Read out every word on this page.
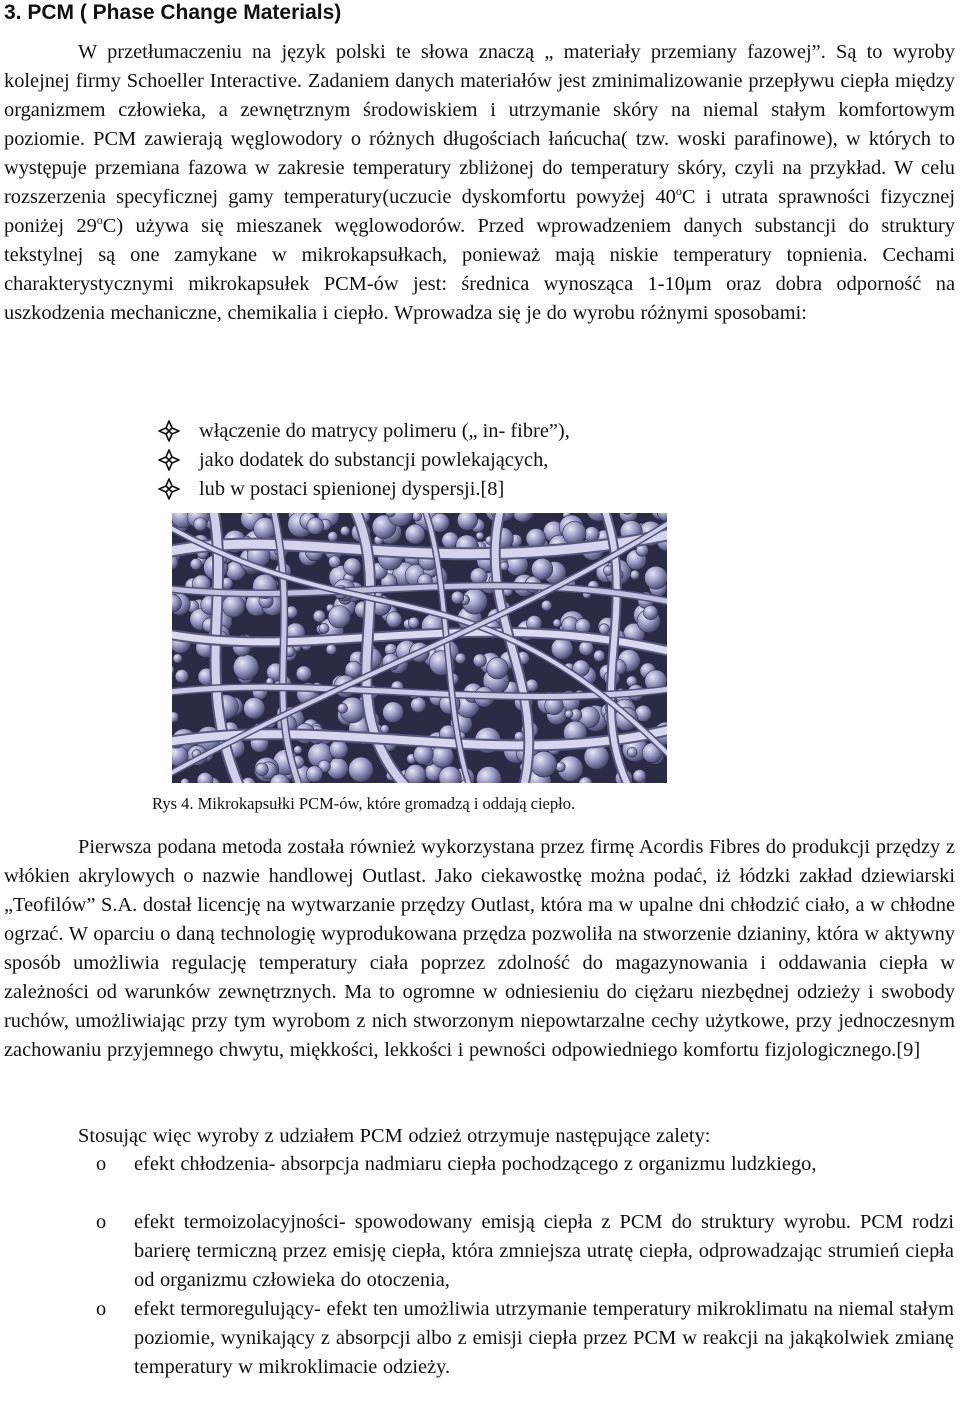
3. PCM ( Phase Change Materials)
W przetłumaczeniu na język polski te słowa znaczą „ materiały przemiany fazowej”. Są to wyroby kolejnej firmy Schoeller Interactive. Zadaniem danych materiałów jest zminimalizowanie przepływu ciepła między organizmem człowieka, a zewnętrznym środowiskiem i utrzymanie skóry na niemal stałym komfortowym poziomie. PCM zawierają węglowodory o różnych długościach łańcucha( tzw. woski parafinowe), w których to występuje przemiana fazowa w zakresie temperatury zbliżonej do temperatury skóry, czyli na przykład. W celu rozszerzenia specyficznej gamy temperatury(uczucie dyskomfortu powyżej 40$^o$C i utrata sprawności fizycznej poniżej 29$^o$C) używa się mieszanek węglowodorów. Przed wprowadzeniem danych substancji do struktury tekstylnej są one zamykane w mikrokapsułkach, ponieważ mają niskie temperatury topnienia. Cechami charakterystycznymi mikrokapsułek PCM-ów jest: średnica wynosząca 1-10μm oraz dobra odporność na uszkodzenia mechaniczne, chemikalia i ciepło. Wprowadza się je do wyrobu różnymi sposobami:
włączenie do matrycy polimeru („ in- fibre”),
jako dodatek do substancji powlekających,
lub w postaci spienionej dyspersji.[8]
Rys 4. Mikrokapsułki PCM-ów, które gromadzą i oddają ciepło.
Pierwsza podana metoda została również wykorzystana przez firmę Acordis Fibres do produkcji przędzy z włókien akrylowych o nazwie handlowej Outlast. Jako ciekawostkę można podać, iż łódzki zakład dziewiarski „Teofilów” S.A. dostał licencję na wytwarzanie przędzy Outlast, która ma w upalne dni chłodzić ciało, a w chłodne ogrzać. W oparciu o daną technologię wyprodukowana przędza pozwoliła na stworzenie dzianiny, która w aktywny sposób umożliwia regulację temperatury ciała poprzez zdolność do magazynowania i oddawania ciepła w zależności od warunków zewnętrznych. Ma to ogromne w odniesieniu do ciężaru niezbędnej odzieży i swobody ruchów, umożliwiając przy tym wyrobom z nich stworzonym niepowtarzalne cechy użytkowe, przy jednoczesnym zachowaniu przyjemnego chwytu, miękkości, lekkości i pewności odpowiedniego komfortu fizjologicznego.[9]
Stosując więc wyroby z udziałem PCM odzież otrzymuje następujące zalety:
o efekt chłodzenia- absorpcja nadmiaru ciepła pochodzącego z organizmu ludzkiego,
o efekt termoizolacyjności- spowodowany emisją ciepła z PCM do struktury wyrobu. PCM rodzi barierę termiczną przez emisję ciepła, która zmniejsza utratę ciepła, odprowadzając strumień ciepła od organizmu człowieka do otoczenia,
o efekt termoregulujący- efekt ten umożliwia utrzymanie temperatury mikroklimatu na niemal stałym poziomie, wynikający z absorpcji albo z emisji ciepła przez PCM w reakcji na jakąkolwiek zmianę temperatury w mikroklimacie odzieży.
